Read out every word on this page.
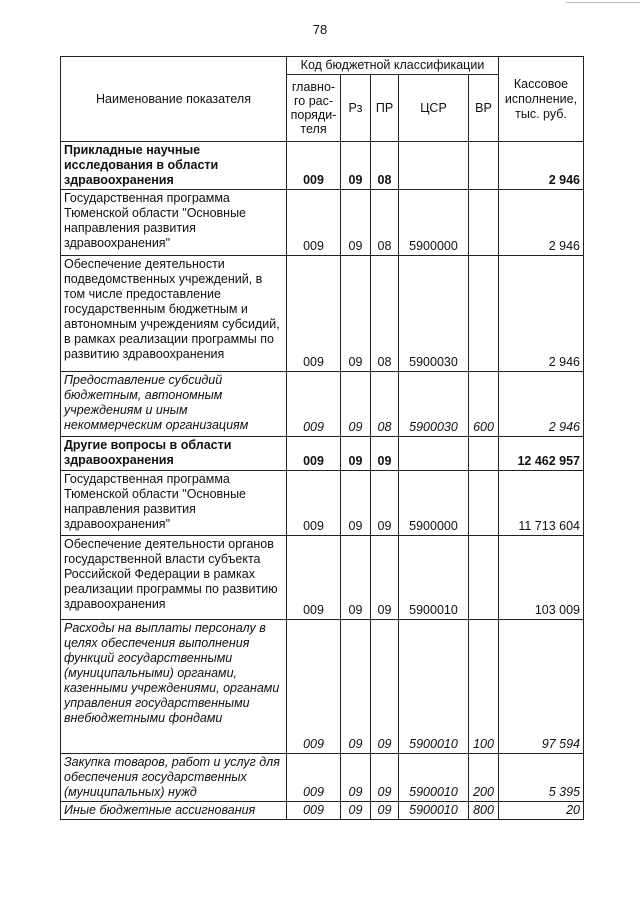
78
Наименование показателя	Код бюджетной классификации					Кассовое исполнение, тыс. руб.
	главно-
го рас-
поряди-
теля	Рз	ПР	ЦСР	ВР	
Прикладные научные исследования в области здравоохранения	009	09	08			2 946
Государственная программа Тюменской области "Основные направления развития здравоохранения"	009	09	08	5900000		2 946
Обеспечение деятельности подведомственных учреждений, в том числе предоставление государственным бюджетным и автономным учреждениям субсидий, в рамках реализации программы по развитию здравоохранения	009	09	08	5900030		2 946
Предоставление субсидий бюджетным, автономным учреждениям и иным некоммерческим организациям	009	09	08	5900030	600	2 946
Другие вопросы в области здравоохранения	009	09	09			12 462 957
Государственная программа Тюменской области "Основные направления развития здравоохранения"	009	09	09	5900000		11 713 604
Обеспечение деятельности органов государственной власти субъекта Российской Федерации в рамках реализации программы по развитию здравоохранения	009	09	09	5900010		103 009
Расходы на выплаты персоналу в целях обеспечения выполнения функций государственными (муниципальными) органами, казенными учреждениями, органами управления государственными внебюджетными фондами	009	09	09	5900010	100	97 594
Закупка товаров, работ и услуг для обеспечения государственных (муниципальных) нужд	009	09	09	5900010	200	5 395
Иные бюджетные ассигнования	009	09	09	5900010	800	20
